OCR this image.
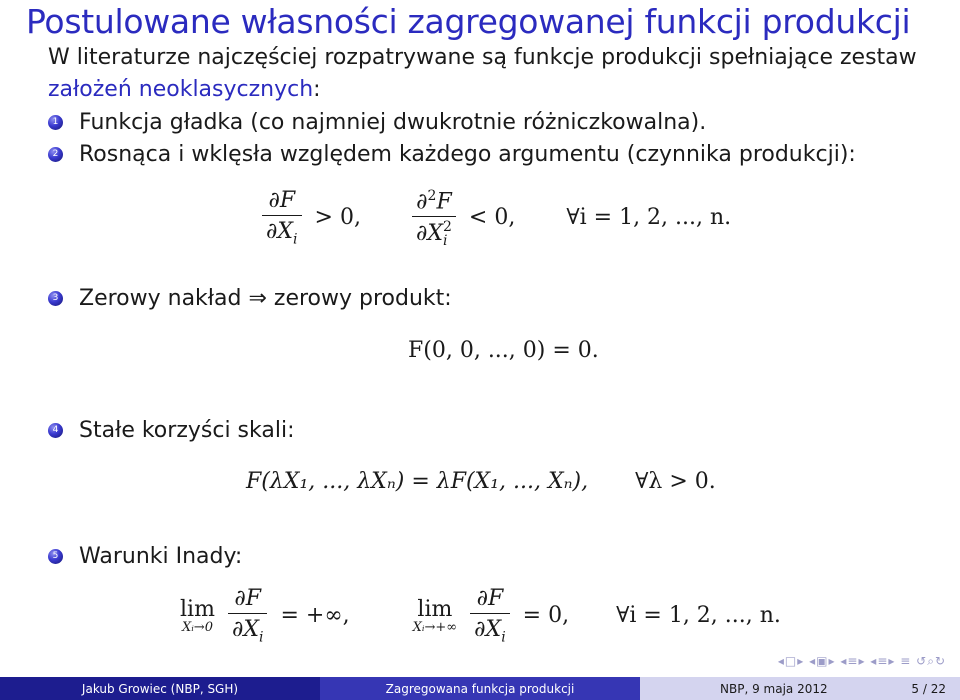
Postulowane własności zagregowanej funkcji produkcji
W literaturze najczęściej rozpatrywane są funkcje produkcji spełniające zestaw założeń neoklasycznych:
1 Funkcja gładka (co najmniej dwukrotnie różniczkowalna).
2 Rosnąca i wklęsła względem każdego argumentu (czynnika produkcji):
$\frac{\partial F}{\partial X_i} > 0$, ∂$^2$F
∂X 2
i < 0, ∀i = 1, 2, ..., n.
3 Zerowy nakład ⇒ zerowy produkt:
F(0, 0, ..., 0) = 0.
4 Stałe korzyści skali:
F(λX₁, ..., λXₙ) = λF(X₁, ..., Xₙ), ∀λ > 0.
5 Warunki Inady:
lim
Xᵢ→0
$\frac{\partial F}{\partial X_i}$ = +∞,	lim
Xᵢ→+∞
$\frac{\partial F}{\partial X_i} = 0$, ∀i = 1, 2, ..., n.
◂□▸ ◂▣▸ ◂≡▸ ◂≡▸ ≡ ↺⌕↻
Jakub Growiec (NBP, SGH)	Zagregowana funkcja produkcji	NBP, 9 maja 2012	5 / 22
